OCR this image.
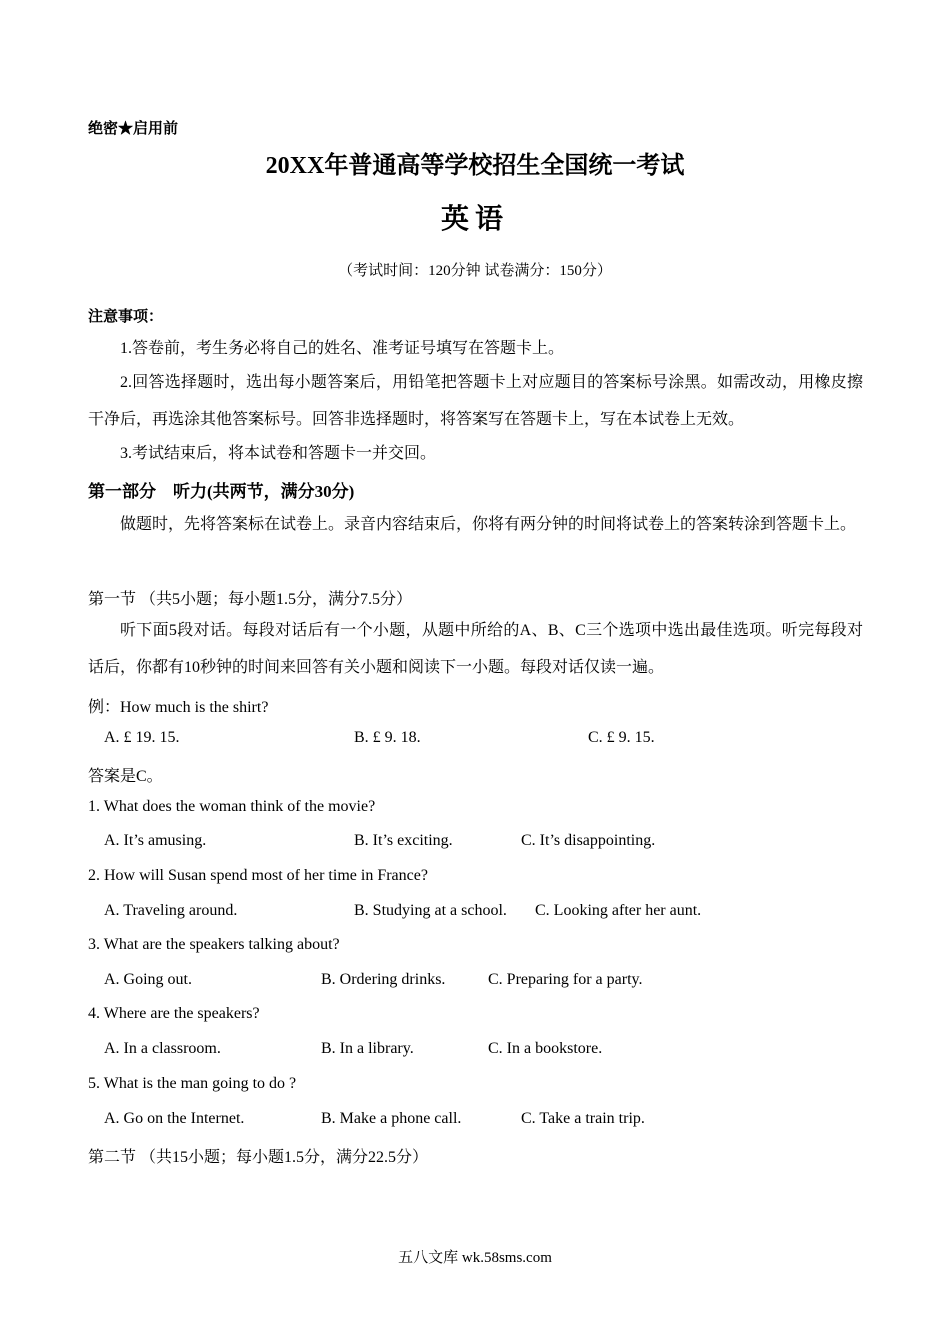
绝密★启用前
20XX年普通高等学校招生全国统一考试
英语
（考试时间：120分钟 试卷满分：150分）
注意事项：
1.答卷前，考生务必将自己的姓名、准考证号填写在答题卡上。
2.回答选择题时，选出每小题答案后，用铅笔把答题卡上对应题目的答案标号涂黑。如需改动，用橡皮擦干净后，再选涂其他答案标号。回答非选择题时，将答案写在答题卡上，写在本试卷上无效。
3.考试结束后，将本试卷和答题卡一并交回。
第一部分　听力(共两节，满分30分)
做题时，先将答案标在试卷上。录音内容结束后，你将有两分钟的时间将试卷上的答案转涂到答题卡上。
第一节 （共5小题；每小题1.5分，满分7.5分）
听下面5段对话。每段对话后有一个小题，从题中所给的A、B、C三个选项中选出最佳选项。听完每段对话后，你都有10秒钟的时间来回答有关小题和阅读下一小题。每段对话仅读一遍。
例：How much is the shirt?
A. £ 19. 15.	B. £ 9. 18.	C. £ 9. 15.
答案是C。
1. What does the woman think of the movie?
A. It’s amusing.	B. It’s exciting.	C. It’s disappointing.
2. How will Susan spend most of her time in France?
A. Traveling around.	B. Studying at a school. C. Looking after her aunt.
3. What are the speakers talking about?
A. Going out.	B. Ordering drinks.	C. Preparing for a party.
4. Where are the speakers?
A. In a classroom.	B. In a library.	C. In a bookstore.
5. What is the man going to do ?
A. Go on the Internet.	B. Make a phone call.	C. Take a train trip.
第二节 （共15小题；每小题1.5分，满分22.5分）
五八文库 wk.58sms.com
